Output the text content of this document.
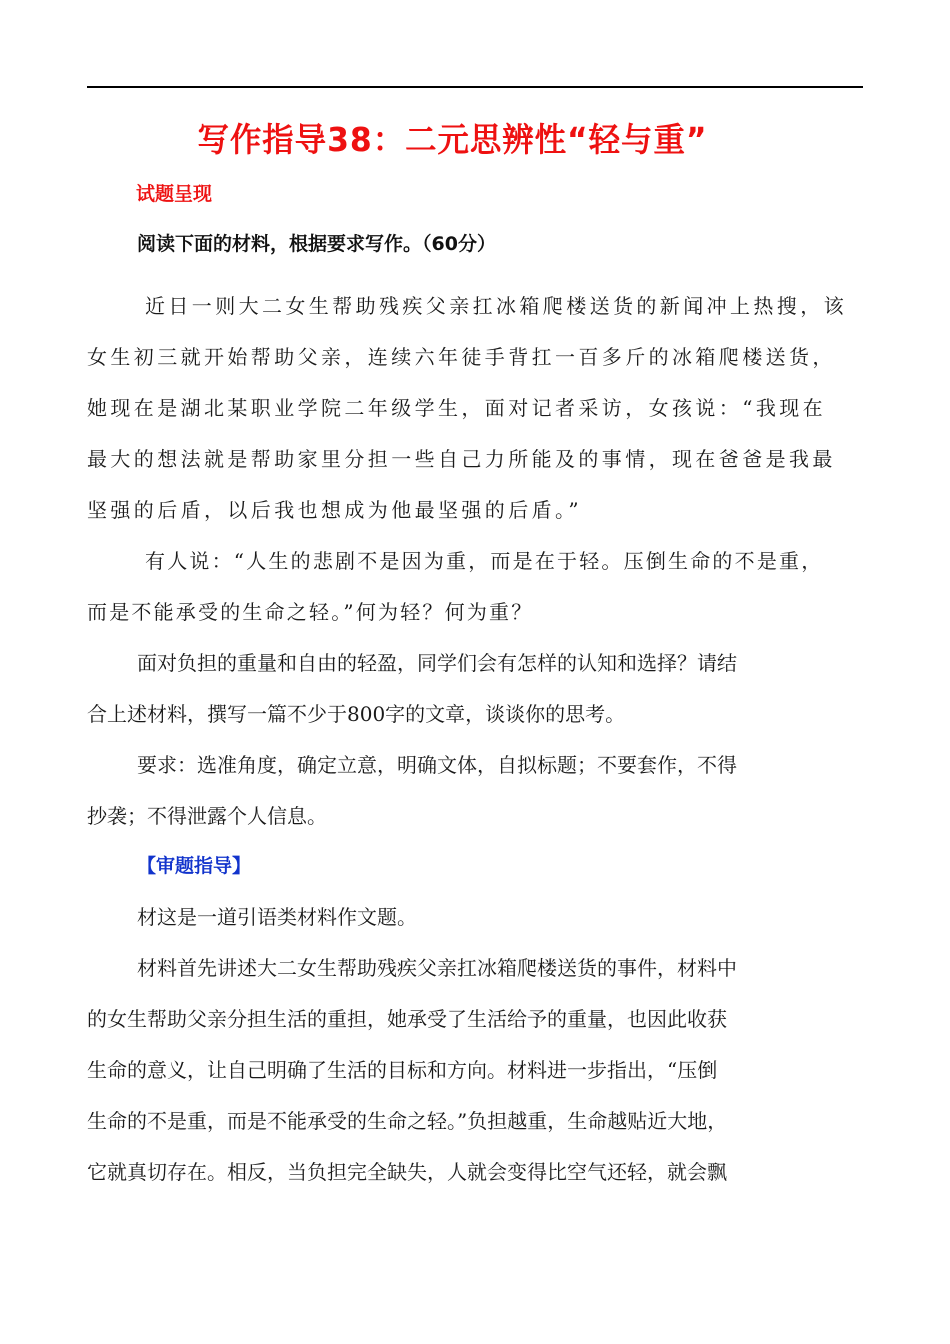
写作指导38：二元思辨性“轻与重”
试题呈现
阅读下面的材料，根据要求写作。（60分）
近日一则大二女生帮助残疾父亲扛冰箱爬楼送货的新闻冲上热搜，该
女生初三就开始帮助父亲，连续六年徒手背扛一百多斤的冰箱爬楼送货，
她现在是湖北某职业学院二年级学生，面对记者采访，女孩说：“我现在
最大的想法就是帮助家里分担一些自己力所能及的事情，现在爸爸是我最
坚强的后盾，以后我也想成为他最坚强的后盾。”
有人说：“人生的悲剧不是因为重，而是在于轻。压倒生命的不是重，
而是不能承受的生命之轻。”何为轻？何为重？
面对负担的重量和自由的轻盈，同学们会有怎样的认知和选择？请结
合上述材料，撰写一篇不少于800字的文章，谈谈你的思考。
要求：选准角度，确定立意，明确文体，自拟标题；不要套作，不得
抄袭；不得泄露个人信息。
【审题指导】
材这是一道引语类材料作文题。
材料首先讲述大二女生帮助残疾父亲扛冰箱爬楼送货的事件，材料中
的女生帮助父亲分担生活的重担，她承受了生活给予的重量，也因此收获
生命的意义，让自己明确了生活的目标和方向。材料进一步指出，“压倒
生命的不是重，而是不能承受的生命之轻。”负担越重，生命越贴近大地，
它就真切存在。相反，当负担完全缺失，人就会变得比空气还轻，就会飘
